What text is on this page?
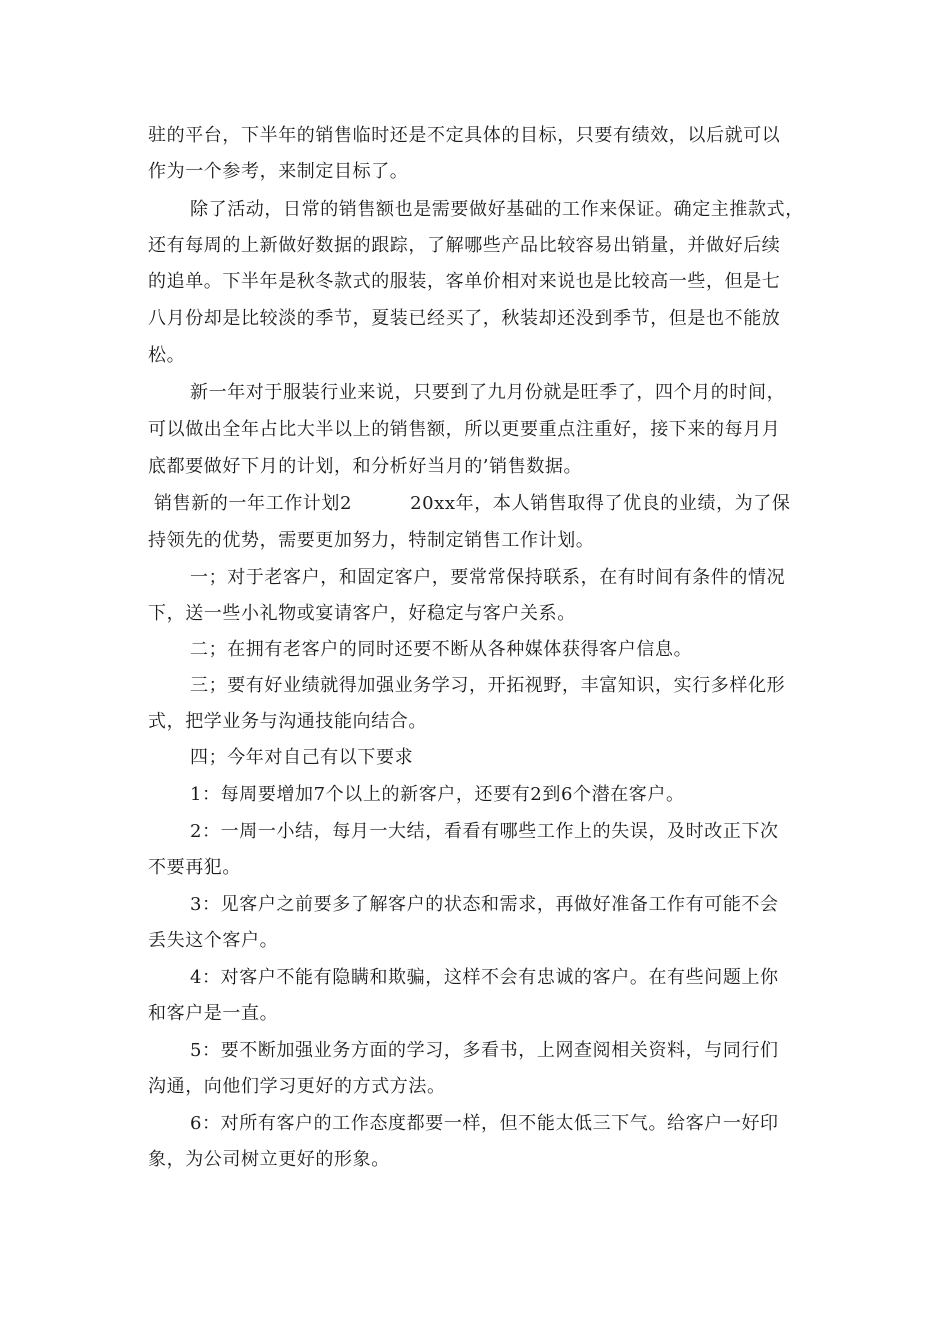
驻的平台，下半年的销售临时还是不定具体的目标，只要有绩效，以后就可以
作为一个参考，来制定目标了。
除了活动，日常的销售额也是需要做好基础的工作来保证。确定主推款式，
还有每周的上新做好数据的跟踪，了解哪些产品比较容易出销量，并做好后续
的追单。下半年是秋冬款式的服装，客单价相对来说也是比较高一些，但是七
八月份却是比较淡的季节，夏装已经买了，秋装却还没到季节，但是也不能放
松。
新一年对于服装行业来说，只要到了九月份就是旺季了，四个月的时间，
可以做出全年占比大半以上的销售额，所以更要重点注重好，接下来的每月月
底都要做好下月的计划，和分析好当月的’销售数据。
销售新的一年工作计划2	20xx年，本人销售取得了优良的业绩，为了保
持领先的优势，需要更加努力，特制定销售工作计划。
一；对于老客户，和固定客户，要常常保持联系，在有时间有条件的情况
下，送一些小礼物或宴请客户，好稳定与客户关系。
二；在拥有老客户的同时还要不断从各种媒体获得客户信息。
三；要有好业绩就得加强业务学习，开拓视野，丰富知识，实行多样化形
式，把学业务与沟通技能向结合。
四；今年对自己有以下要求
1：每周要增加7个以上的新客户，还要有2到6个潜在客户。
2：一周一小结，每月一大结，看看有哪些工作上的失误，及时改正下次
不要再犯。
3：见客户之前要多了解客户的状态和需求，再做好准备工作有可能不会
丢失这个客户。
4：对客户不能有隐瞒和欺骗，这样不会有忠诚的客户。在有些问题上你
和客户是一直。
5：要不断加强业务方面的学习，多看书，上网查阅相关资料，与同行们
沟通，向他们学习更好的方式方法。
6：对所有客户的工作态度都要一样，但不能太低三下气。给客户一好印
象，为公司树立更好的形象。
